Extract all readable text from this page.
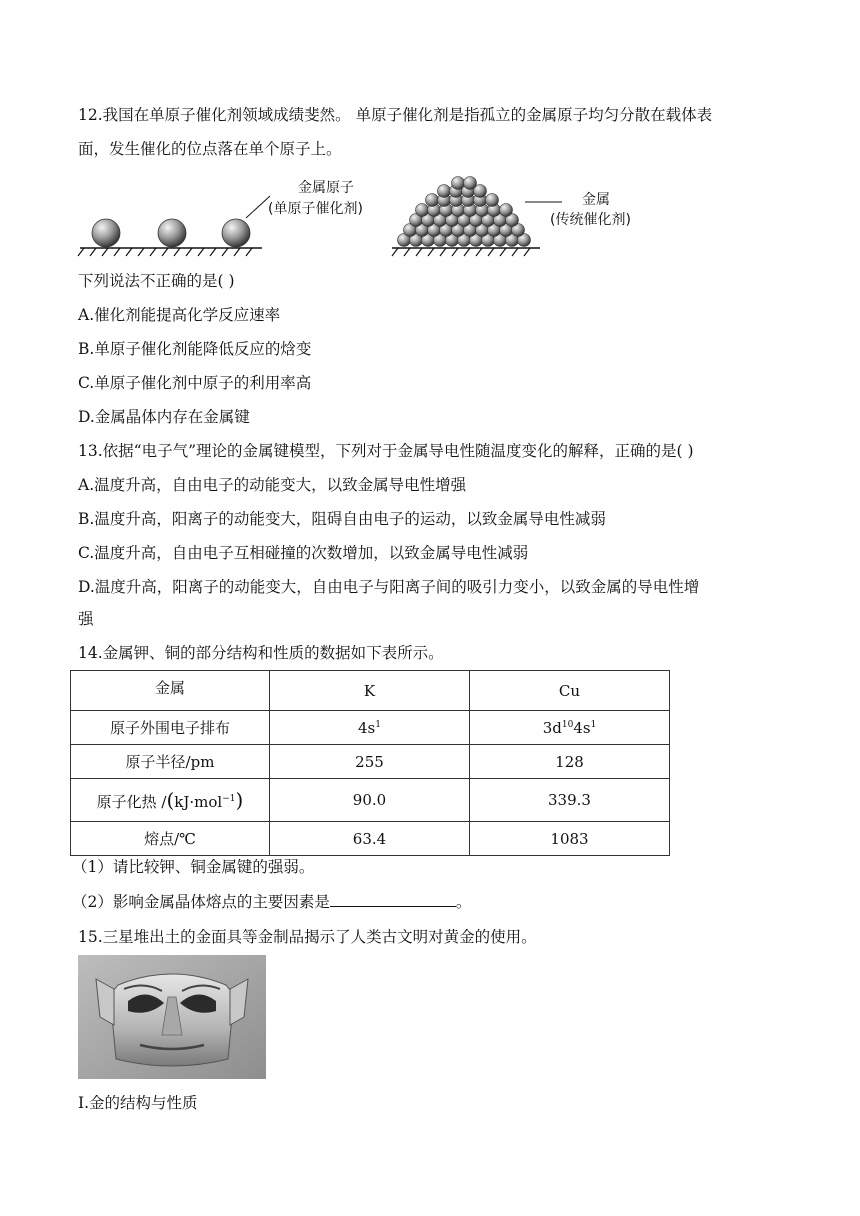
12.我国在单原子催化剂领域成绩斐然。 单原子催化剂是指孤立的金属原子均匀分散在载体表
面，发生催化的位点落在单个原子上。
金属原子
(单原子催化剂)
金属
(传统催化剂)
下列说法不正确的是( )
A.催化剂能提高化学反应速率
B.单原子催化剂能降低反应的焓变
C.单原子催化剂中原子的利用率高
D.金属晶体内存在金属键
13.依据“电子气”理论的金属键模型，下列对于金属导电性随温度变化的解释，正确的是( )
A.温度升高，自由电子的动能变大，以致金属导电性增强
B.温度升高，阳离子的动能变大，阻碍自由电子的运动，以致金属导电性减弱
C.温度升高，自由电子互相碰撞的次数增加，以致金属导电性减弱
D.温度升高，阳离子的动能变大，自由电子与阳离子间的吸引力变小，以致金属的导电性增
强
14.金属钾、铜的部分结构和性质的数据如下表所示。
金属	K	Cu
原子外围电子排布	$4s^1$	$3d^{10}4s^1$
原子半径/pm	255	128
原子化热 /(kJ·mol$^{-1}$)	90.0	339.3
熔点/℃	63.4	1083
（1）请比较钾、铜金属键的强弱。
（2）影响金属晶体熔点的主要因素是	。
15.三星堆出土的金面具等金制品揭示了人类古文明对黄金的使用。
Ⅰ.金的结构与性质
